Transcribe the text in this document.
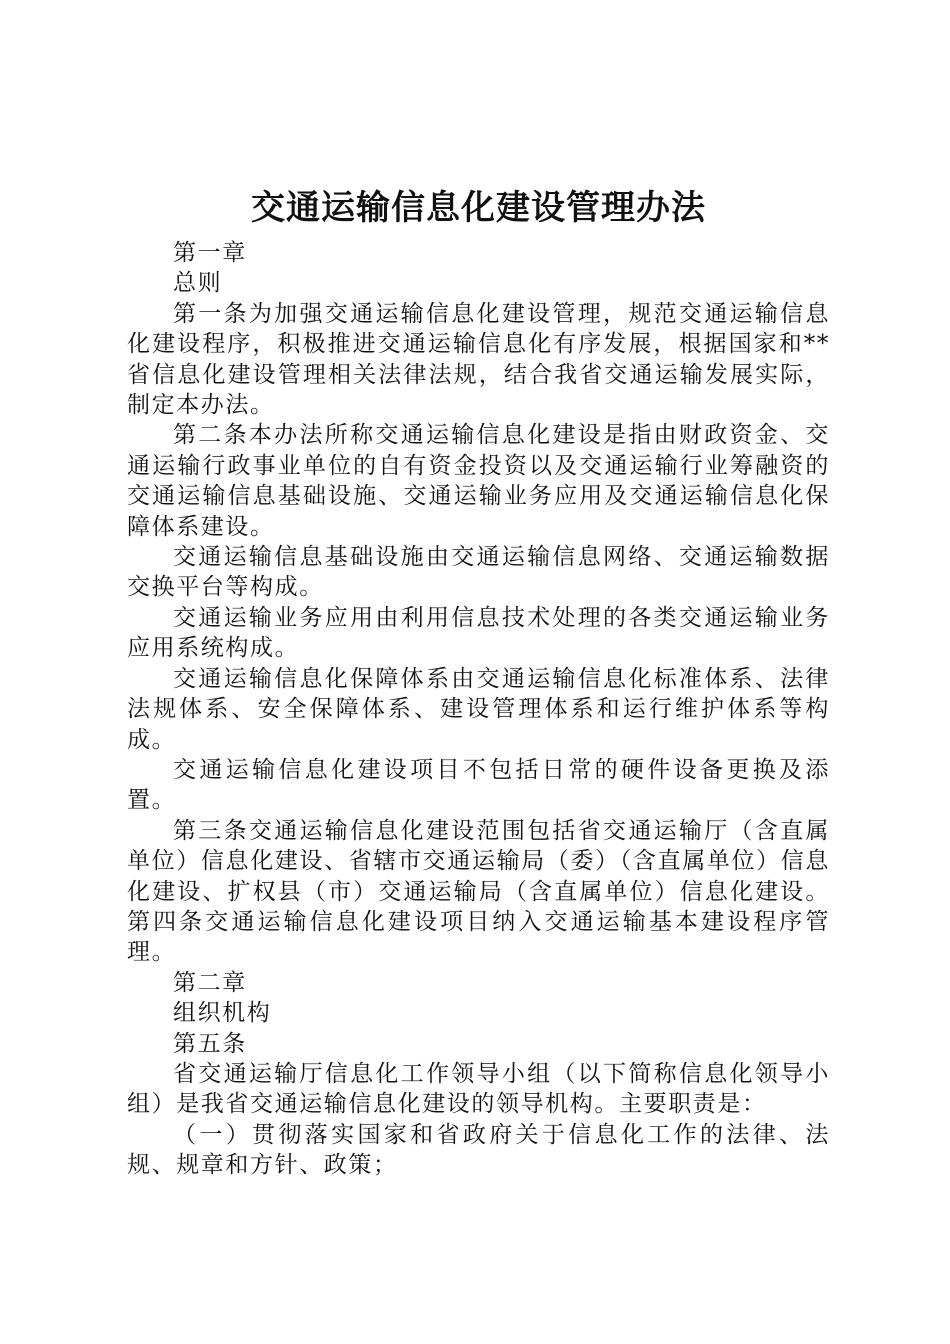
交通运输信息化建设管理办法

第一章

总则

第一条为加强交通运输信息化建设管理，规范交通运输信息化建设程序，积极推进交通运输信息化有序发展，根据国家和**省信息化建设管理相关法律法规，结合我省交通运输发展实际，制定本办法。

第二条本办法所称交通运输信息化建设是指由财政资金、交通运输行政事业单位的自有资金投资以及交通运输行业筹融资的交通运输信息基础设施、交通运输业务应用及交通运输信息化保障体系建设。

交通运输信息基础设施由交通运输信息网络、交通运输数据交换平台等构成。

交通运输业务应用由利用信息技术处理的各类交通运输业务应用系统构成。

交通运输信息化保障体系由交通运输信息化标准体系、法律法规体系、安全保障体系、建设管理体系和运行维护体系等构成。

交通运输信息化建设项目不包括日常的硬件设备更换及添置。

第三条交通运输信息化建设范围包括省交通运输厅（含直属单位）信息化建设、省辖市交通运输局（委）（含直属单位）信息化建设、扩权县（市）交通运输局（含直属单位）信息化建设。第四条交通运输信息化建设项目纳入交通运输基本建设程序管理。

第二章

组织机构

第五条

省交通运输厅信息化工作领导小组（以下简称信息化领导小组）是我省交通运输信息化建设的领导机构。主要职责是：

（一）贯彻落实国家和省政府关于信息化工作的法律、法规、规章和方针、政策；
